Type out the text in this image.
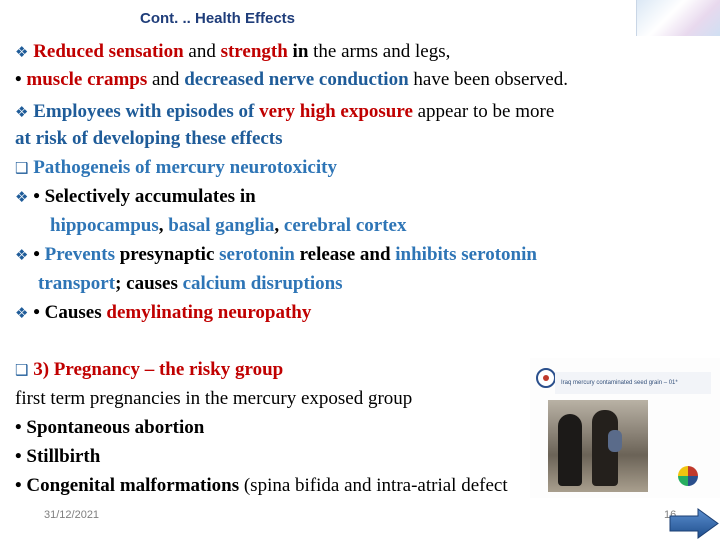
Cont. .. Health Effects
❖ Reduced sensation and strength in the arms and legs,
• muscle cramps and decreased nerve conduction have been observed.
❖ Employees with episodes of very high exposure appear to be more
at risk of developing these effects
❑ Pathogeneis of mercury neurotoxicity
❖ • Selectively accumulates in
hippocampus, basal ganglia, cerebral cortex
❖ • Prevents presynaptic serotonin release and inhibits serotonin
transport; causes calcium disruptions
❖ • Causes demylinating neuropathy
❑ 3) Pregnancy – the risky group
first term pregnancies in the mercury exposed group
• Spontaneous abortion
• Stillbirth
• Congenital malformations (spina bifida and intra-atrial defect
Iraq mercury contaminated seed grain – 01*
31/12/2021	16
